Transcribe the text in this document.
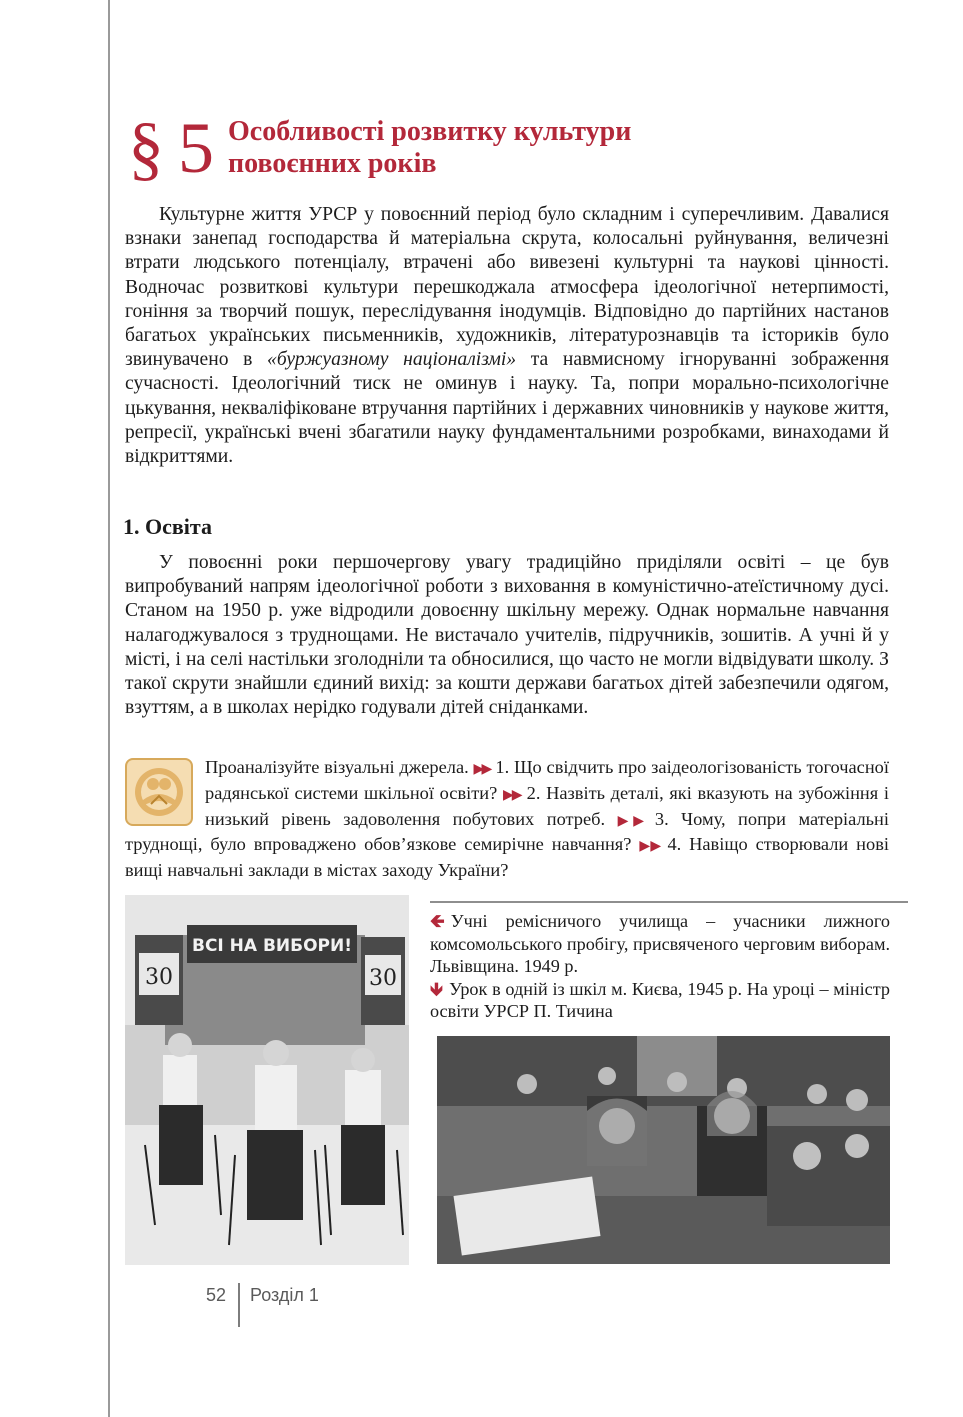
§ 5 Особливості розвитку культури
повоєнних років

Культурне життя УРСР у повоєнний період було складним і суперечливим. Давалися взнаки занепад господарства й матеріальна скрута, колосальні руйнування, величезні втрати людського потенціалу, втрачені або вивезені культурні та наукові цінності. Водночас розвиткові культури перешкоджала атмосфера ідеологічної нетерпимості, гоніння за творчий пошук, переслідування інодумців. Відповідно до партійних настанов багатьох українських письменників, художників, літературознавців та істориків було звинувачено в «буржуазному націоналізмі» та навмисному ігноруванні зображення сучасності. Ідеологічний тиск не оминув і науку. Та, попри морально-психологічне цькування, некваліфіковане втручання партійних і державних чиновників у наукове життя, репресії, українські вчені збагатили науку фундаментальними розробками, винаходами й відкриттями.

1. Освіта

У повоєнні роки першочергову увагу традиційно приділяли освіті – це був випробуваний напрям ідеологічної роботи з виховання в комуністично-атеїстичному дусі. Станом на 1950 р. уже відродили довоєнну шкільну мережу. Однак нормальне навчання налагоджувалося з труднощами. Не вистачало учителів, підручників, зошитів. А учні й у місті, і на селі настільки зголодніли та обносилися, що часто не могли відвідувати школу. З такої скрути знайшли єдиний вихід: за кошти держави багатьох дітей забезпечили одягом, взуттям, а в школах нерідко годували дітей сніданками.

Проаналізуйте візуальні джерела. ▶▶ 1. Що свідчить про заідеологізованість тогочасної радянської системи шкільної освіти? ▶▶ 2. Назвіть деталі, які вказують на зубожіння і низький рівень задоволення побутових потреб. ▶▶ 3. Чому, попри матеріальні труднощі, було впроваджено обов’язкове семирічне навчання? ▶▶ 4. Навіщо створювали нові вищі навчальні заклади в містах заходу України?

ВСІ НА ВИБОРИ!
30	30

🡸 Учні ремісничого училища – учасники лижного комсомольського пробігу, присвяченого черговим виборам. Львівщина. 1949 р.
🡻 Урок в одній із шкіл м. Києва, 1945 р. На уроці – міністр освіти УРСР П. Тичина

52 Розділ 1
